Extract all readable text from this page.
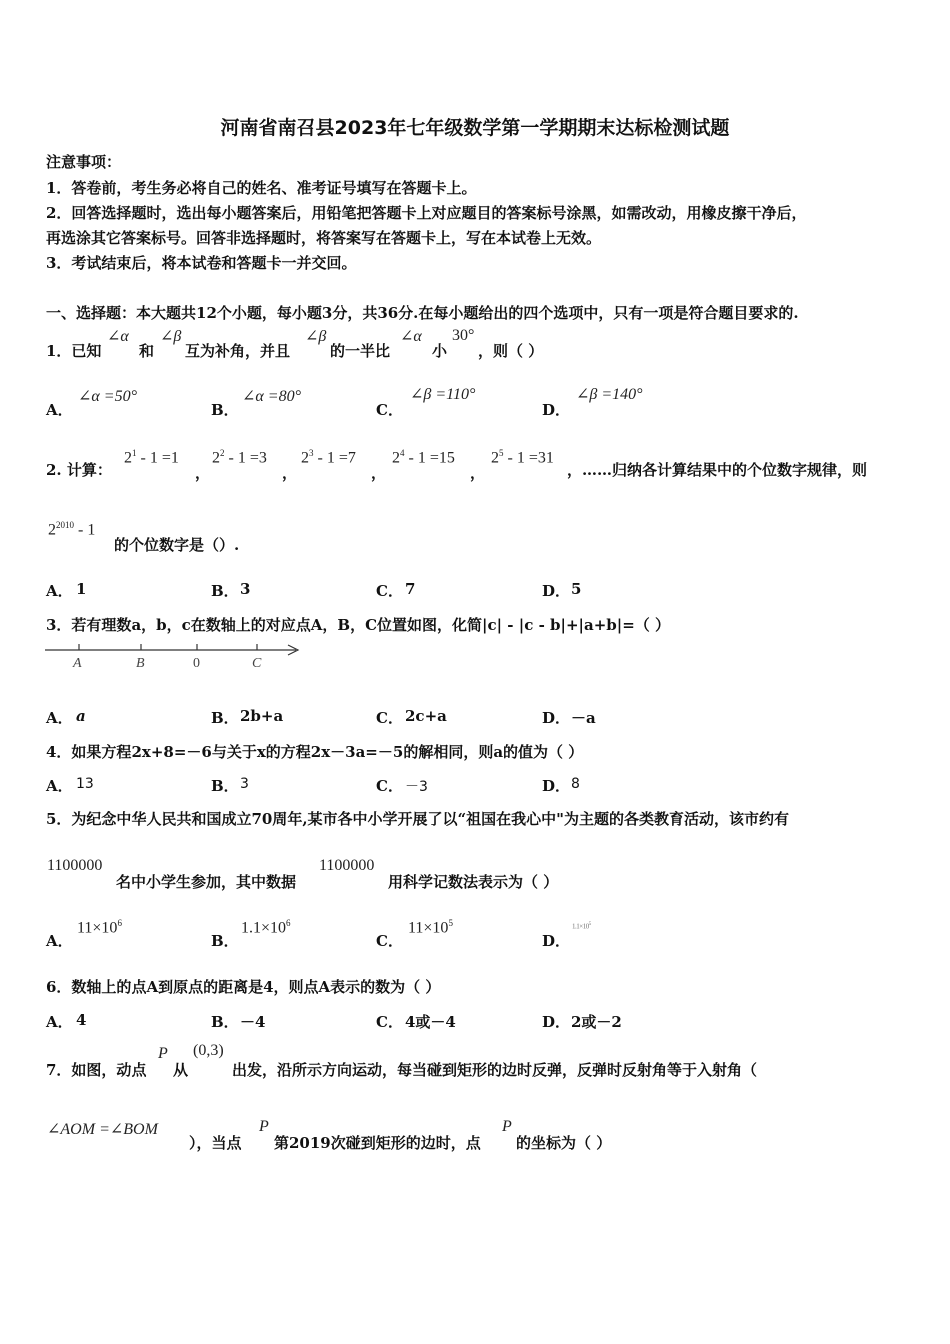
河南省南召县2023年七年级数学第一学期期末达标检测试题
注意事项：
1．答卷前，考生务必将自己的姓名、准考证号填写在答题卡上。
2．回答选择题时，选出每小题答案后，用铅笔把答题卡上对应题目的答案标号涂黑，如需改动，用橡皮擦干净后，
再选涂其它答案标号。回答非选择题时，将答案写在答题卡上，写在本试卷上无效。
3．考试结束后，将本试卷和答题卡一并交回。
一、选择题：本大题共12个小题，每小题3分，共36分.在每小题给出的四个选项中，只有一项是符合题目要求的.
1．已知
∠α
和
∠β
互为补角，并且
∠β
的一半比
∠α
小
30°
，则（ ）
A．
∠α =50°
B．
∠α =80°
C．
∠β =110°
D．
∠β =140°
2. 计算：
$2^1 - 1 =1$
，
$2^2 - 1 =3$
，
$2^3 - 1 =7$
，
$2^4 - 1 =15$
，
$2^5 - 1 =31$
，……归纳各计算结果中的个位数字规律，则
$2^{2010} - 1$
的个位数字是（）.
A． 1	B． 3	C． 7	D． 5
3．若有理数a，b，c在数轴上的对应点A，B，C位置如图，化简|c| - |c - b|+|a+b|=（ ）
A	B	0	C
A． a	B． 2b+a	C． 2c+a	D． －a
4．如果方程2x+8=－6与关于x的方程2x－3a=－5的解相同，则a的值为（ ）
A． 13	B． 3	C． －3	D． 8
5．为纪念中华人民共和国成立70周年,某市各中小学开展了以“祖国在我心中"为主题的各类教育活动，该市约有
1100000
名中小学生参加，其中数据
1100000
用科学记数法表示为（ ）
A．
$11\times 10^6$
B．
$1.1\times 10^6$
C．
$11\times 10^5$
D．
$1.1\times 10^5$
6．数轴上的点A到原点的距离是4，则点A表示的数为（ ）
A． 4	B． －4	C． 4或－4	D． 2或－2
7．如图，动点
P
从
(0,3)
出发，沿所示方向运动，每当碰到矩形的边时反弹，反弹时反射角等于入射角（
∠AOM =∠BOM
），当点
P
第2019次碰到矩形的边时，点
P
的坐标为（ ）
